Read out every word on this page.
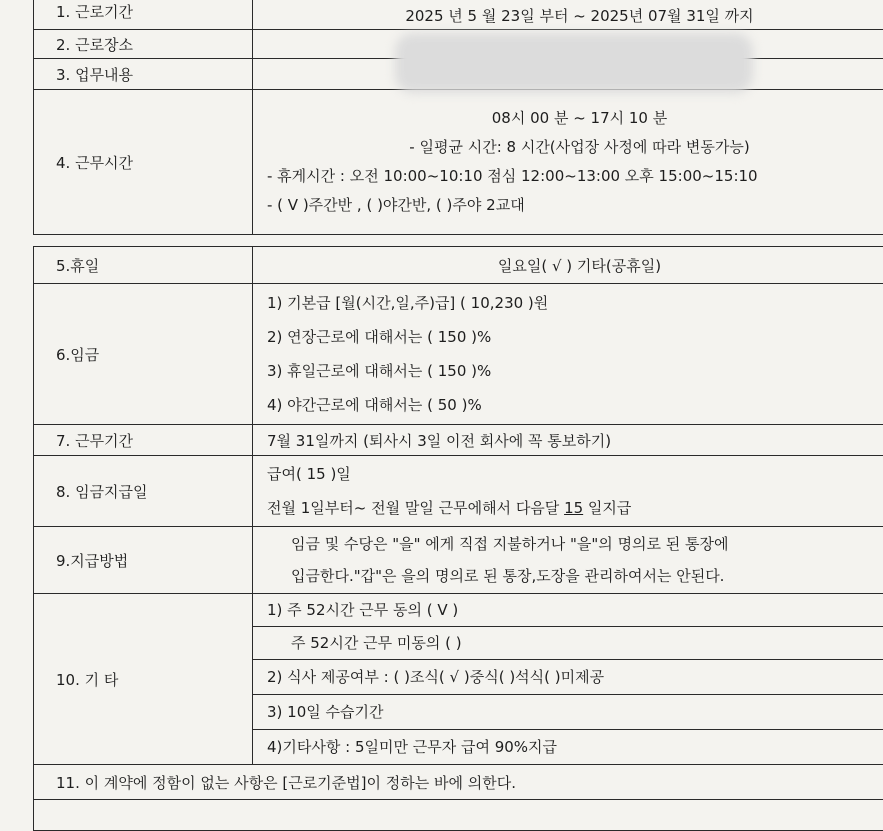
1. 근로기간	2025 년 5 월 23일 부터 ~ 2025년 07월 31일 까지
2. 근로장소	
3. 업무내용	
4. 근무시간	08시 00 분 ~ 17시 10 분
- 일평균 시간: 8 시간(사업장 사정에 따라 변동가능)
- 휴게시간 : 오전 10:00~10:10 점심 12:00~13:00 오후 15:00~15:10
- ( V )주간반 , ( )야간반, ( )주야 2교대
5.휴일	일요일( √ ) 기타(공휴일)
6.임금	1) 기본급 [월(시간,일,주)급] ( 10,230 )원
2) 연장근로에 대해서는 ( 150 )%
3) 휴일근로에 대해서는 ( 150 )%
4) 야간근로에 대해서는 ( 50 )%

7. 근무기간	7월 31일까지 (퇴사시 3일 이전 회사에 꼭 통보하기)
8. 임금지급일	급여( 15 )일
전월 1일부터~ 전월 말일 근무에해서 다음달 15 일지급

9.지급방법	임금 및 수당은 "을" 에게 직접 지불하거나 "을"의 명의로 된 통장에
입금한다."갑"은 을의 명의로 된 통장,도장을 관리하여서는 안된다.

10. 기 타	1) 주 52시간 근무 동의 ( V )
주 52시간 근무 미동의 ( )
2) 식사 제공여부 : ( )조식( √ )중식( )석식( )미제공
3) 10일 수습기간
4)기타사항 : 5일미만 근무자 급여 90%지급

11. 이 계약에 정함이 없는 사항은 [근로기준법]이 정하는 바에 의한다.	
